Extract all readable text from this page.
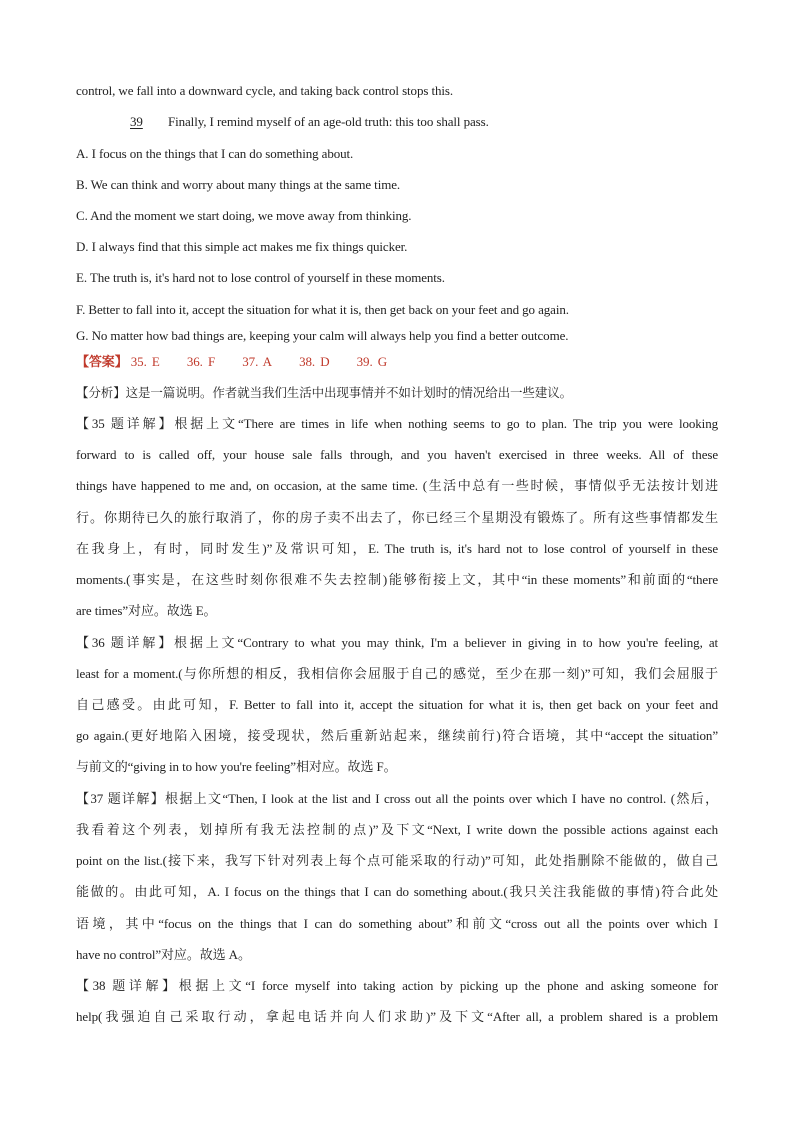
control, we fall into a downward cycle, and taking back control stops this.
39 Finally, I remind myself of an age-old truth: this too shall pass.
A. I focus on the things that I can do something about.
B. We can think and worry about many things at the same time.
C. And the moment we start doing, we move away from thinking.
D. I always find that this simple act makes me fix things quicker.
E. The truth is, it's hard not to lose control of yourself in these moments.
F. Better to fall into it, accept the situation for what it is, then get back on your feet and go again.
G. No matter how bad things are, keeping your calm will always help you find a better outcome.
【答案】 35. E 36. F 37. A 38. D 39. G
【分析】这是一篇说明。作者就当我们生活中出现事情并不如计划时的情况给出一些建议。
【35 题详解】根据上文“There are times in life when nothing seems to go to plan. The trip you were looking
forward to is called off, your house sale falls through, and you haven't exercised in three weeks. All of these
things have happened to me and, on occasion, at the same time. (生活中总有一些时候，事情似乎无法按计划进
行。你期待已久的旅行取消了，你的房子卖不出去了，你已经三个星期没有锻炼了。所有这些事情都发生
在我身上，有时，同时发生)”及常识可知，E. The truth is, it's hard not to lose control of yourself in these
moments.(事实是，在这些时刻你很难不失去控制)能够衔接上文，其中“in these moments”和前面的“there
are times”对应。故选 E。
【36 题详解】根据上文“Contrary to what you may think, I'm a believer in giving in to how you're feeling, at
least for a moment.(与你所想的相反，我相信你会屈服于自己的感觉，至少在那一刻)”可知，我们会屈服于
自己感受。由此可知，F. Better to fall into it, accept the situation for what it is, then get back on your feet and
go again.(更好地陷入困境，接受现状，然后重新站起来，继续前行)符合语境，其中“accept the situation”
与前文的“giving in to how you're feeling”相对应。故选 F。
【37 题详解】根据上文“Then, I look at the list and I cross out all the points over which I have no control. (然后，
我看着这个列表，划掉所有我无法控制的点)”及下文“Next, I write down the possible actions against each
point on the list.(接下来，我写下针对列表上每个点可能采取的行动)”可知，此处指删除不能做的，做自己
能做的。由此可知，A. I focus on the things that I can do something about.(我只关注我能做的事情)符合此处
语境，其中“focus on the things that I can do something about”和前文“cross out all the points over which I
have no control”对应。故选 A。
【38 题详解】根据上文“I force myself into taking action by picking up the phone and asking someone for
help(我强迫自己采取行动，拿起电话并向人们求助)”及下文“After all, a problem shared is a problem
